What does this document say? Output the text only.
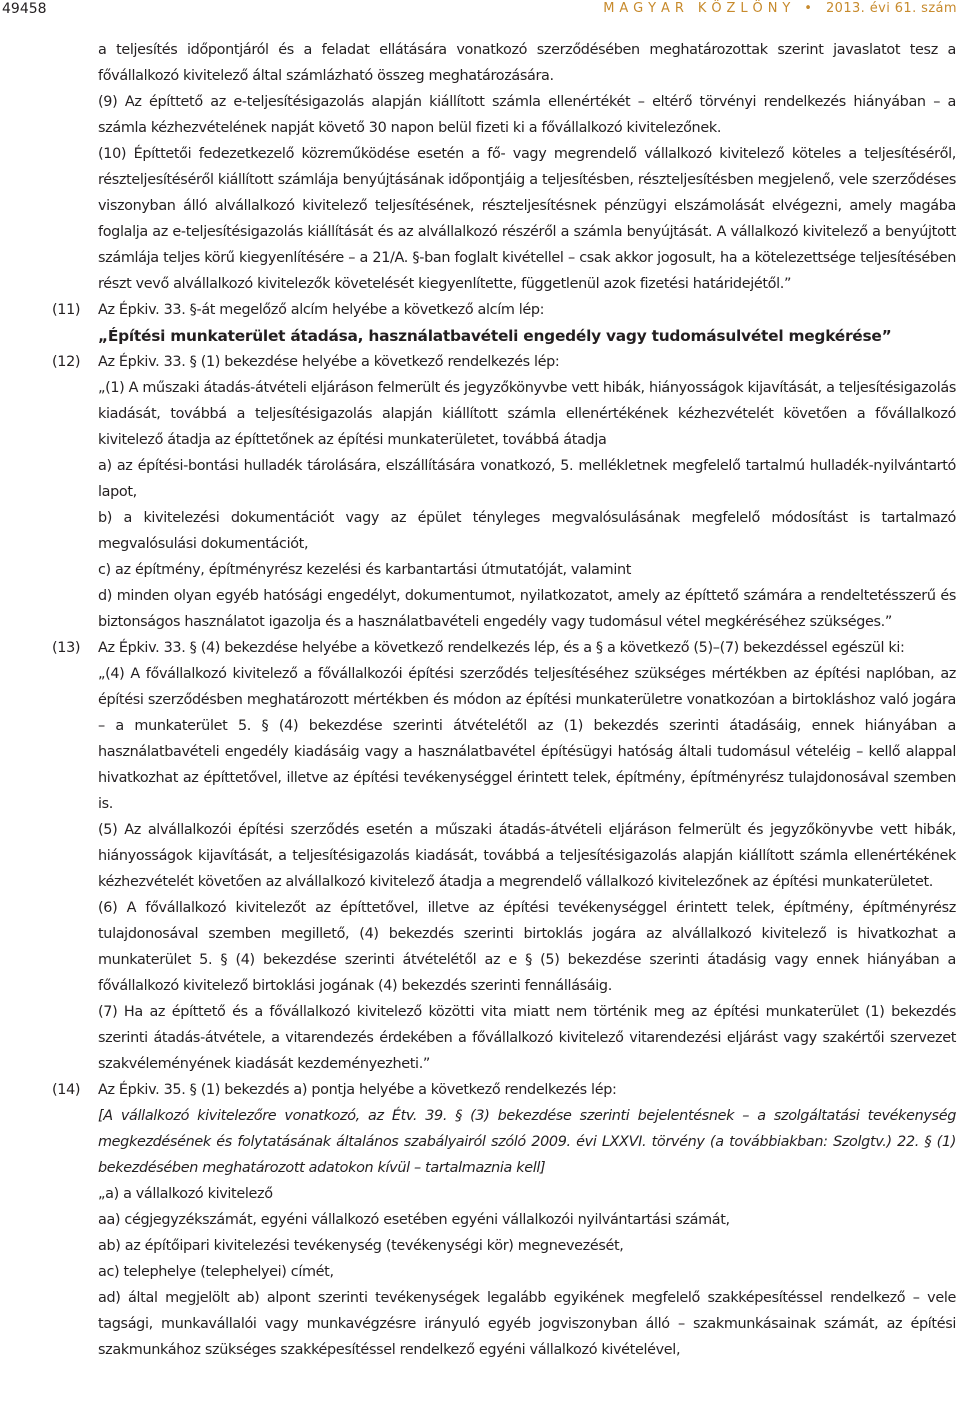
49458	M A G Y A R   K Ö Z L Ö N Y   •   2013. évi 61. szám
a teljesítés időpontjáról és a feladat ellátására vonatkozó szerződésében meghatározottak szerint javaslatot tesz a fővállalkozó kivitelező által számlázható összeg meghatározására.
(9) Az építtető az e-teljesítésigazolás alapján kiállított számla ellenértékét – eltérő törvényi rendelkezés hiányában – a számla kézhezvételének napját követő 30 napon belül fizeti ki a fővállalkozó kivitelezőnek.
(10) Építtetői fedezetkezelő közreműködése esetén a fő- vagy megrendelő vállalkozó kivitelező köteles a teljesítéséről, részteljesítéséről kiállított számlája benyújtásának időpontjáig a teljesítésben, részteljesítésben megjelenő, vele szerződéses viszonyban álló alvállalkozó kivitelező teljesítésének, részteljesítésnek pénzügyi elszámolását elvégezni, amely magába foglalja az e-teljesítésigazolás kiállítását és az alvállalkozó részéről a számla benyújtását. A vállalkozó kivitelező a benyújtott számlája teljes körű kiegyenlítésére – a 21/A. §-ban foglalt kivétellel – csak akkor jogosult, ha a kötelezettsége teljesítésében részt vevő alvállalkozó kivitelezők követelését kiegyenlítette, függetlenül azok fizetési határidejétől.”
(11)	Az Épkiv. 33. §-át megelőző alcím helyébe a következő alcím lép:
„Építési munkaterület átadása, használatbavételi engedély vagy tudomásulvétel megkérése”
(12)	Az Épkiv. 33. § (1) bekezdése helyébe a következő rendelkezés lép:
„(1) A műszaki átadás-átvételi eljáráson felmerült és jegyzőkönyvbe vett hibák, hiányosságok kijavítását, a teljesítésigazolás kiadását, továbbá a teljesítésigazolás alapján kiállított számla ellenértékének kézhezvételét követően a fővállalkozó kivitelező átadja az építtetőnek az építési munkaterületet, továbbá átadja
a) az építési-bontási hulladék tárolására, elszállítására vonatkozó, 5. mellékletnek megfelelő tartalmú hulladék-nyilvántartó lapot,
b) a kivitelezési dokumentációt vagy az épület tényleges megvalósulásának megfelelő módosítást is tartalmazó megvalósulási dokumentációt,
c) az építmény, építményrész kezelési és karbantartási útmutatóját, valamint
d) minden olyan egyéb hatósági engedélyt, dokumentumot, nyilatkozatot, amely az építtető számára a rendeltetésszerű és biztonságos használatot igazolja és a használatbavételi engedély vagy tudomásul vétel megkéréséhez szükséges.”
(13)	Az Épkiv. 33. § (4) bekezdése helyébe a következő rendelkezés lép, és a § a következő (5)–(7) bekezdéssel egészül ki:
„(4) A fővállalkozó kivitelező a fővállalkozói építési szerződés teljesítéséhez szükséges mértékben az építési naplóban, az építési szerződésben meghatározott mértékben és módon az építési munkaterületre vonatkozóan a birtokláshoz való jogára – a munkaterület 5. § (4) bekezdése szerinti átvételétől az (1) bekezdés szerinti átadásáig, ennek hiányában a használatbavételi engedély kiadásáig vagy a használatbavétel építésügyi hatóság általi tudomásul vételéig – kellő alappal hivatkozhat az építtetővel, illetve az építési tevékenységgel érintett telek, építmény, építményrész tulajdonosával szemben is.
(5) Az alvállalkozói építési szerződés esetén a műszaki átadás-átvételi eljáráson felmerült és jegyzőkönyvbe vett hibák, hiányosságok kijavítását, a teljesítésigazolás kiadását, továbbá a teljesítésigazolás alapján kiállított számla ellenértékének kézhezvételét követően az alvállalkozó kivitelező átadja a megrendelő vállalkozó kivitelezőnek az építési munkaterületet.
(6) A fővállalkozó kivitelezőt az építtetővel, illetve az építési tevékenységgel érintett telek, építmény, építményrész tulajdonosával szemben megillető, (4) bekezdés szerinti birtoklás jogára az alvállalkozó kivitelező is hivatkozhat a munkaterület 5. § (4) bekezdése szerinti átvételétől az e § (5) bekezdése szerinti átadásig vagy ennek hiányában a fővállalkozó kivitelező birtoklási jogának (4) bekezdés szerinti fennállásáig.
(7) Ha az építtető és a fővállalkozó kivitelező közötti vita miatt nem történik meg az építési munkaterület (1) bekezdés szerinti átadás-átvétele, a vitarendezés érdekében a fővállalkozó kivitelező vitarendezési eljárást vagy szakértői szervezet szakvéleményének kiadását kezdeményezheti.”
(14)	Az Épkiv. 35. § (1) bekezdés a) pontja helyébe a következő rendelkezés lép:
[A vállalkozó kivitelezőre vonatkozó, az Étv. 39. § (3) bekezdése szerinti bejelentésnek – a szolgáltatási tevékenység megkezdésének és folytatásának általános szabályairól szóló 2009. évi LXXVI. törvény (a továbbiakban: Szolgtv.) 22. § (1) bekezdésében meghatározott adatokon kívül – tartalmaznia kell]
„a) a vállalkozó kivitelező
aa) cégjegyzékszámát, egyéni vállalkozó esetében egyéni vállalkozói nyilvántartási számát,
ab) az építőipari kivitelezési tevékenység (tevékenységi kör) megnevezését,
ac) telephelye (telephelyei) címét,
ad) által megjelölt ab) alpont szerinti tevékenységek legalább egyikének megfelelő szakképesítéssel rendelkező – vele tagsági, munkavállalói vagy munkavégzésre irányuló egyéb jogviszonyban álló – szakmunkásainak számát, az építési szakmunkához szükséges szakképesítéssel rendelkező egyéni vállalkozó kivételével,
